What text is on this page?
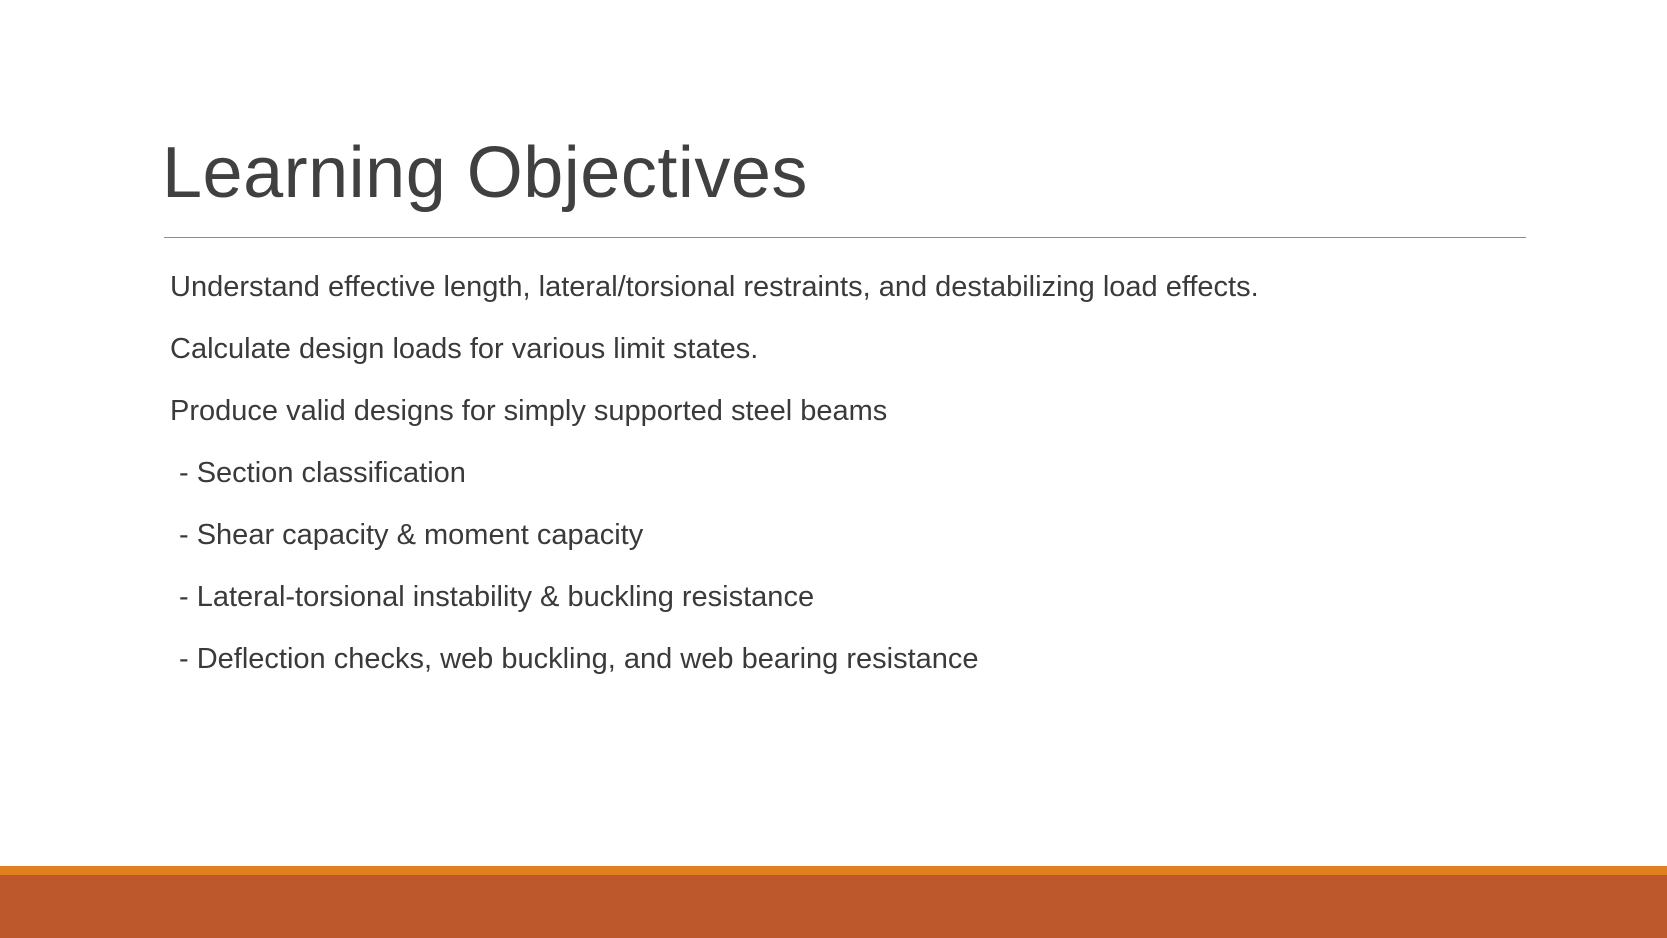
Learning Objectives
Understand effective length, lateral/torsional restraints, and destabilizing load effects.
Calculate design loads for various limit states.
Produce valid designs for simply supported steel beams
- Section classification
- Shear capacity & moment capacity
- Lateral-torsional instability & buckling resistance
- Deflection checks, web buckling, and web bearing resistance
